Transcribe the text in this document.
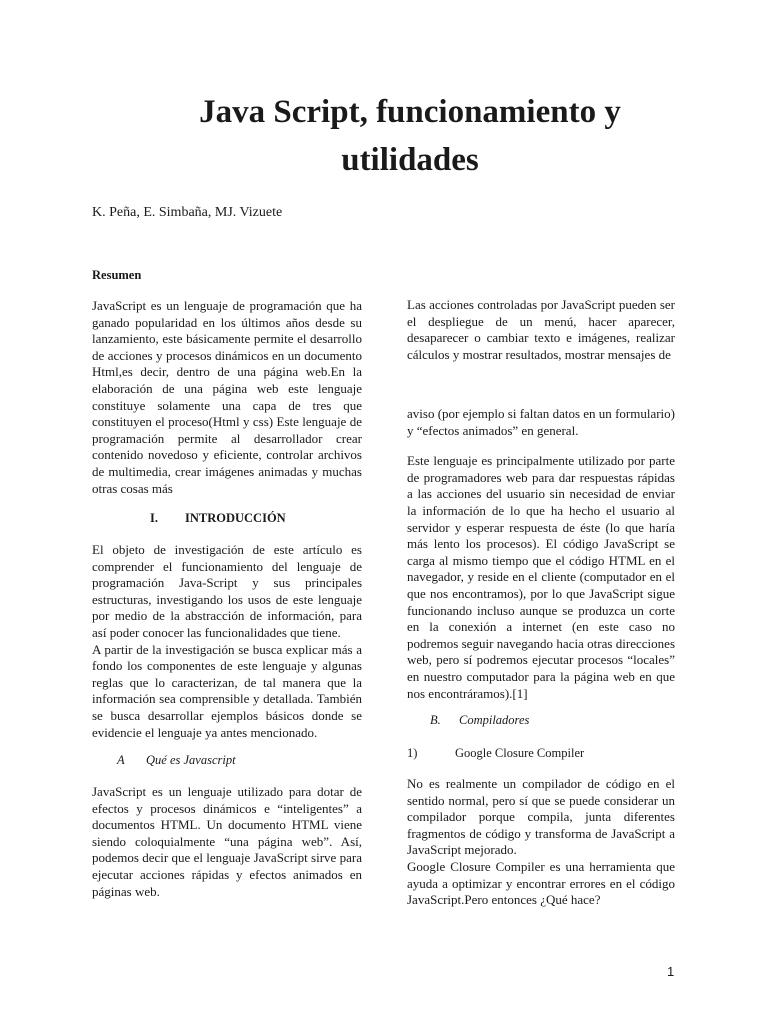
Java Script, funcionamiento y
utilidades
K. Peña, E. Simbaña, MJ. Vizuete
Resumen

JavaScript es un lenguaje de programación que ha ganado popularidad en los últimos años desde su lanzamiento, este básicamente permite el desarrollo de acciones y procesos dinámicos en un documento Html,es decir, dentro de una página web.En la elaboración de una página web este lenguaje constituye solamente una capa de tres que constituyen el proceso(Html y css) Este lenguaje de programación permite al desarrollador crear contenido novedoso y eficiente, controlar archivos de multimedia, crear imágenes animadas y muchas otras cosas más

I. INTRODUCCIÓN

El objeto de investigación de este artículo es comprender el funcionamiento del lenguaje de programación Java-Script y sus principales estructuras, investigando los usos de este lenguaje por medio de la abstracción de información, para así poder conocer las funcionalidades que tiene.

A partir de la investigación se busca explicar más a fondo los componentes de este lenguaje y algunas reglas que lo caracterizan, de tal manera que la información sea comprensible y detallada. También se busca desarrollar ejemplos básicos donde se evidencie el lenguaje ya antes mencionado.

A Qué es Javascript

JavaScript es un lenguaje utilizado para dotar de efectos y procesos dinámicos e “inteligentes” a documentos HTML. Un documento HTML viene siendo coloquialmente “una página web”. Así, podemos decir que el lenguaje JavaScript sirve para ejecutar acciones rápidas y efectos animados en páginas web.

Las acciones controladas por JavaScript pueden ser el despliegue de un menú, hacer aparecer, desaparecer o cambiar texto e imágenes, realizar cálculos y mostrar resultados, mostrar mensajes de

aviso (por ejemplo si faltan datos en un formulario) y “efectos animados” en general.

Este lenguaje es principalmente utilizado por parte de programadores web para dar respuestas rápidas a las acciones del usuario sin necesidad de enviar la información de lo que ha hecho el usuario al servidor y esperar respuesta de éste (lo que haría más lento los procesos). El código JavaScript se carga al mismo tiempo que el código HTML en el navegador, y reside en el cliente (computador en el que nos encontramos), por lo que JavaScript sigue funcionando incluso aunque se produzca un corte en la conexión a internet (en este caso no podremos seguir navegando hacia otras direcciones web, pero sí podremos ejecutar procesos “locales” en nuestro computador para la página web en que nos encontráramos).[1]

B. Compiladores
1)	Google Closure Compiler

No es realmente un compilador de código en el sentido normal, pero sí que se puede considerar un compilador porque compila, junta diferentes fragmentos de código y transforma de JavaScript a JavaScript mejorado.

Google Closure Compiler es una herramienta que ayuda a optimizar y encontrar errores en el código JavaScript.Pero entonces ¿Qué hace?

1
